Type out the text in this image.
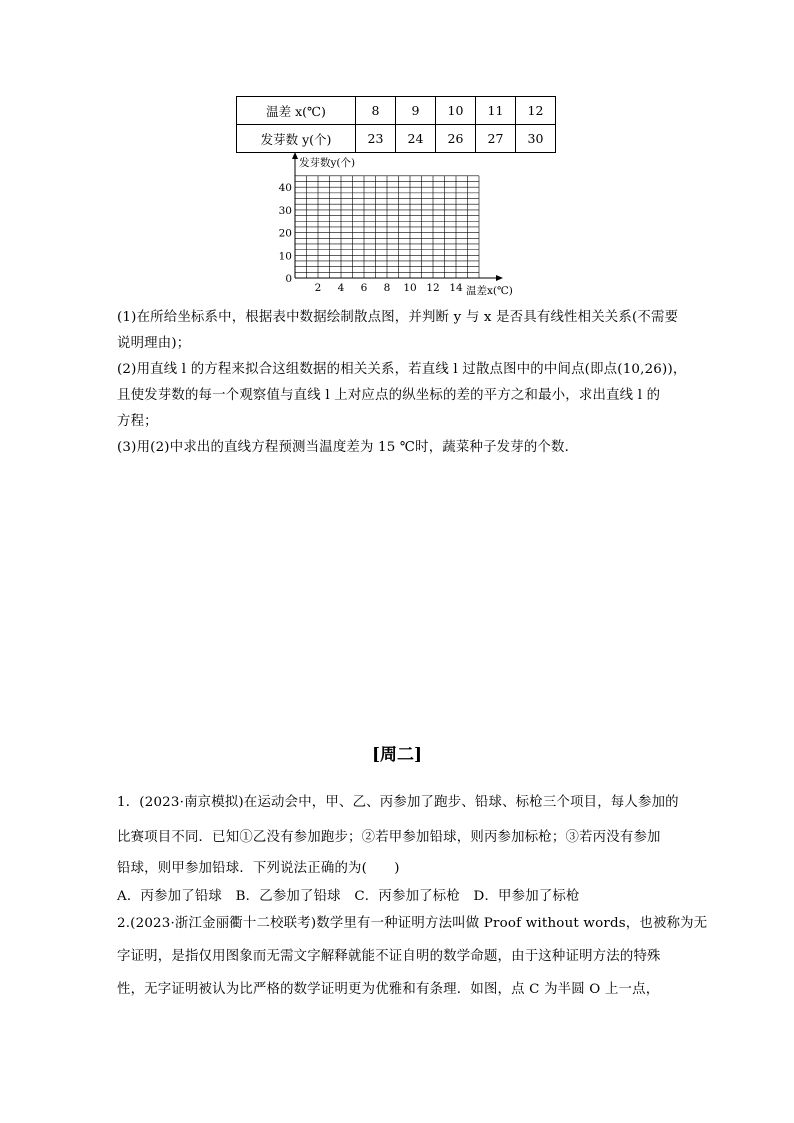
温差 x(℃)	8	9	10	11	12
发芽数 y(个)	23	24	26	27	30
2 4 6 8 10 12 14
0
10
20
30
40
发芽数y(个)
温差x(℃)

(1)在所给坐标系中，根据表中数据绘制散点图，并判断 y 与 x 是否具有线性相关关系(不需要

说明理由)；

(2)用直线 l 的方程来拟合这组数据的相关关系，若直线 l 过散点图中的中间点(即点(10,26))，

且使发芽数的每一个观察值与直线 l 上对应点的纵坐标的差的平方之和最小，求出直线 l 的

方程；

(3)用(2)中求出的直线方程预测当温度差为 15 ℃时，蔬菜种子发芽的个数．

[周二]

1．(2023·南京模拟)在运动会中，甲、乙、丙参加了跑步、铅球、标枪三个项目，每人参加的

比赛项目不同．已知①乙没有参加跑步；②若甲参加铅球，则丙参加标枪；③若丙没有参加

铅球，则甲参加铅球．下列说法正确的为(　　)

A．丙参加了铅球　B．乙参加了铅球　C．丙参加了标枪　D．甲参加了标枪

2.(2023·浙江金丽衢十二校联考)数学里有一种证明方法叫做 Proof without words，也被称为无

字证明，是指仅用图象而无需文字解释就能不证自明的数学命题，由于这种证明方法的特殊

性，无字证明被认为比严格的数学证明更为优雅和有条理．如图，点 C 为半圆 O 上一点，
